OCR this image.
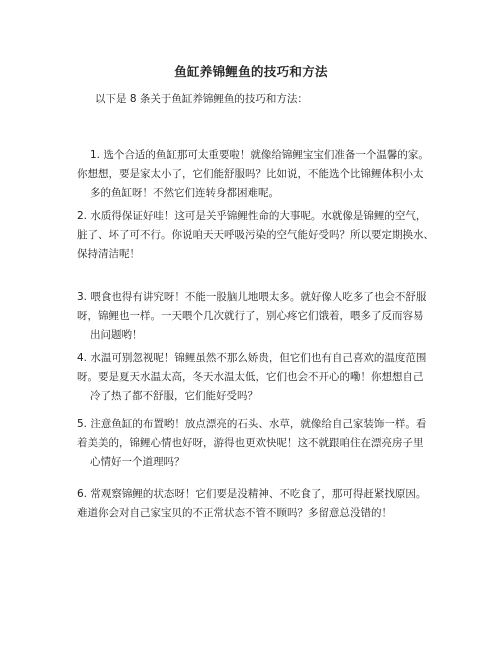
鱼缸养锦鲤鱼的技巧和方法
以下是 8 条关于鱼缸养锦鲤鱼的技巧和方法：
1. 选个合适的鱼缸那可太重要啦！就像给锦鲤宝宝们准备一个温馨的家。
你想想，要是家太小了，它们能舒服吗？比如说，不能选个比锦鲤体积小太
多的鱼缸呀！不然它们连转身都困难呢。
2. 水质得保证好哇！这可是关乎锦鲤性命的大事呢。水就像是锦鲤的空气，
脏了、坏了可不行。你说咱天天呼吸污染的空气能好受吗？所以要定期换水、
保持清洁呢！
3. 喂食也得有讲究呀！不能一股脑儿地喂太多。就好像人吃多了也会不舒服
呀，锦鲤也一样。一天喂个几次就行了，别心疼它们饿着，喂多了反而容易
出问题哟！
4. 水温可别忽视呢！锦鲤虽然不那么娇贵，但它们也有自己喜欢的温度范围
呀。要是夏天水温太高，冬天水温太低，它们也会不开心的嘞！你想想自己
冷了热了都不舒服，它们能好受吗？
5. 注意鱼缸的布置哟！放点漂亮的石头、水草，就像给自己家装饰一样。看
着美美的，锦鲤心情也好呀，游得也更欢快呢！这不就跟咱住在漂亮房子里
心情好一个道理吗？
6. 常观察锦鲤的状态呀！它们要是没精神、不吃食了，那可得赶紧找原因。
难道你会对自己家宝贝的不正常状态不管不顾吗？多留意总没错的！
